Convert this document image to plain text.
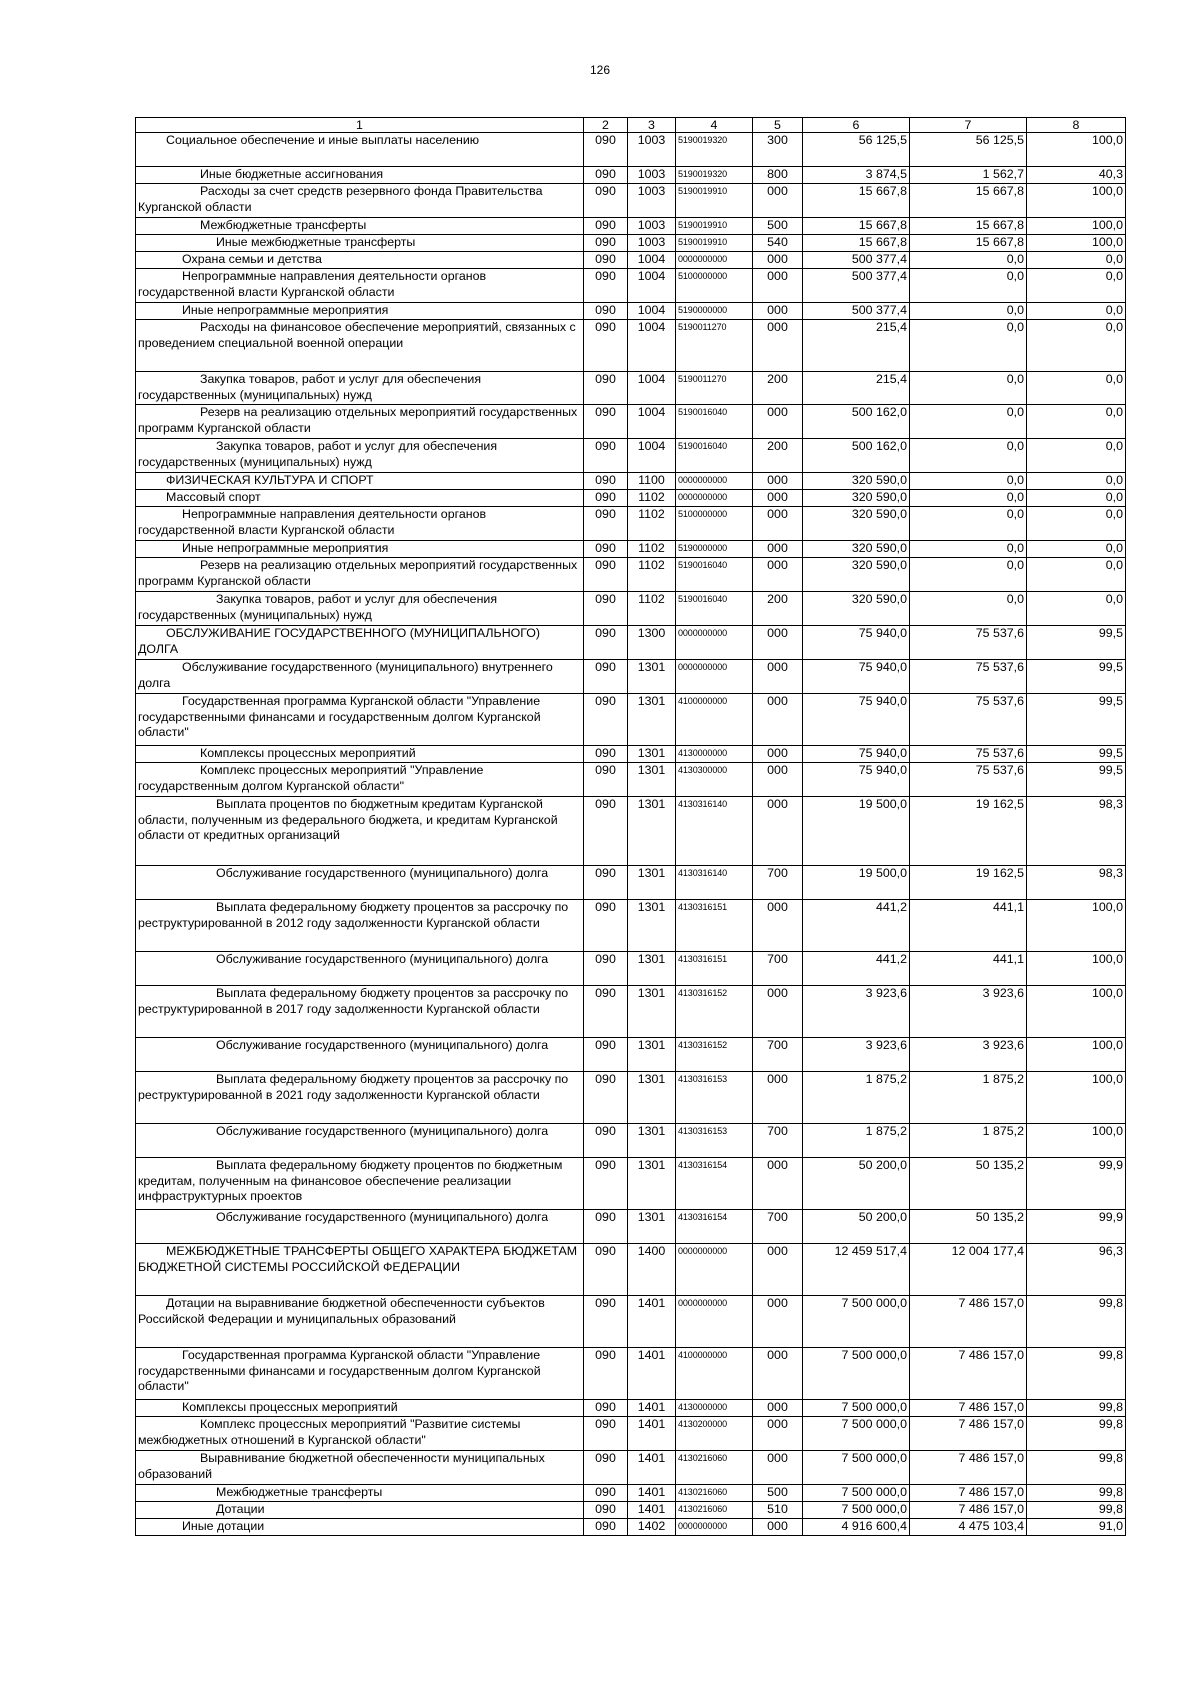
126
1	2	3	4	5	6	7	8
Социальное обеспечение и иные выплаты населению	090	1003	5190019320	300	56 125,5	56 125,5	100,0
Иные бюджетные ассигнования	090	1003	5190019320	800	3 874,5	1 562,7	40,3
Расходы за счет средств резервного фонда Правительства Курганской области	090	1003	5190019910	000	15 667,8	15 667,8	100,0
Межбюджетные трансферты	090	1003	5190019910	500	15 667,8	15 667,8	100,0
Иные межбюджетные трансферты	090	1003	5190019910	540	15 667,8	15 667,8	100,0
Охрана семьи и детства	090	1004	0000000000	000	500 377,4	0,0	0,0
Непрограммные направления деятельности органов государственной власти Курганской области	090	1004	5100000000	000	500 377,4	0,0	0,0
Иные непрограммные мероприятия	090	1004	5190000000	000	500 377,4	0,0	0,0
Расходы на финансовое обеспечение мероприятий, связанных с проведением специальной военной операции	090	1004	5190011270	000	215,4	0,0	0,0
Закупка товаров, работ и услуг для обеспечения государственных (муниципальных) нужд	090	1004	5190011270	200	215,4	0,0	0,0
Резерв на реализацию отдельных мероприятий государственных программ Курганской области	090	1004	5190016040	000	500 162,0	0,0	0,0
Закупка товаров, работ и услуг для обеспечения государственных (муниципальных) нужд	090	1004	5190016040	200	500 162,0	0,0	0,0
ФИЗИЧЕСКАЯ КУЛЬТУРА И СПОРТ	090	1100	0000000000	000	320 590,0	0,0	0,0
Массовый спорт	090	1102	0000000000	000	320 590,0	0,0	0,0
Непрограммные направления деятельности органов государственной власти Курганской области	090	1102	5100000000	000	320 590,0	0,0	0,0
Иные непрограммные мероприятия	090	1102	5190000000	000	320 590,0	0,0	0,0
Резерв на реализацию отдельных мероприятий государственных программ Курганской области	090	1102	5190016040	000	320 590,0	0,0	0,0
Закупка товаров, работ и услуг для обеспечения государственных (муниципальных) нужд	090	1102	5190016040	200	320 590,0	0,0	0,0
ОБСЛУЖИВАНИЕ ГОСУДАРСТВЕННОГО (МУНИЦИПАЛЬНОГО) ДОЛГА	090	1300	0000000000	000	75 940,0	75 537,6	99,5
Обслуживание государственного (муниципального) внутреннего долга	090	1301	0000000000	000	75 940,0	75 537,6	99,5
Государственная программа Курганской области "Управление государственными финансами и государственным долгом Курганской области"	090	1301	4100000000	000	75 940,0	75 537,6	99,5
Комплексы процессных мероприятий	090	1301	4130000000	000	75 940,0	75 537,6	99,5
Комплекс процессных мероприятий "Управление государственным долгом Курганской области"	090	1301	4130300000	000	75 940,0	75 537,6	99,5
Выплата процентов по бюджетным кредитам Курганской области, полученным из федерального бюджета, и кредитам Курганской области от кредитных организаций	090	1301	4130316140	000	19 500,0	19 162,5	98,3
Обслуживание государственного (муниципального) долга	090	1301	4130316140	700	19 500,0	19 162,5	98,3
Выплата федеральному бюджету процентов за рассрочку по реструктурированной в 2012 году задолженности Курганской области	090	1301	4130316151	000	441,2	441,1	100,0
Обслуживание государственного (муниципального) долга	090	1301	4130316151	700	441,2	441,1	100,0
Выплата федеральному бюджету процентов за рассрочку по реструктурированной в 2017 году задолженности Курганской области	090	1301	4130316152	000	3 923,6	3 923,6	100,0
Обслуживание государственного (муниципального) долга	090	1301	4130316152	700	3 923,6	3 923,6	100,0
Выплата федеральному бюджету процентов за рассрочку по реструктурированной в 2021 году задолженности Курганской области	090	1301	4130316153	000	1 875,2	1 875,2	100,0
Обслуживание государственного (муниципального) долга	090	1301	4130316153	700	1 875,2	1 875,2	100,0
Выплата федеральному бюджету процентов по бюджетным кредитам, полученным на финансовое обеспечение реализации инфраструктурных проектов	090	1301	4130316154	000	50 200,0	50 135,2	99,9
Обслуживание государственного (муниципального) долга	090	1301	4130316154	700	50 200,0	50 135,2	99,9
МЕЖБЮДЖЕТНЫЕ ТРАНСФЕРТЫ ОБЩЕГО ХАРАКТЕРА БЮДЖЕТАМ БЮДЖЕТНОЙ СИСТЕМЫ РОССИЙСКОЙ ФЕДЕРАЦИИ	090	1400	0000000000	000	12 459 517,4	12 004 177,4	96,3
Дотации на выравнивание бюджетной обеспеченности субъектов Российской Федерации и муниципальных образований	090	1401	0000000000	000	7 500 000,0	7 486 157,0	99,8
Государственная программа Курганской области "Управление государственными финансами и государственным долгом Курганской области"	090	1401	4100000000	000	7 500 000,0	7 486 157,0	99,8
Комплексы процессных мероприятий	090	1401	4130000000	000	7 500 000,0	7 486 157,0	99,8
Комплекс процессных мероприятий "Развитие системы межбюджетных отношений в Курганской области"	090	1401	4130200000	000	7 500 000,0	7 486 157,0	99,8
Выравнивание бюджетной обеспеченности муниципальных образований	090	1401	4130216060	000	7 500 000,0	7 486 157,0	99,8
Межбюджетные трансферты	090	1401	4130216060	500	7 500 000,0	7 486 157,0	99,8
Дотации	090	1401	4130216060	510	7 500 000,0	7 486 157,0	99,8
Иные дотации	090	1402	0000000000	000	4 916 600,4	4 475 103,4	91,0
